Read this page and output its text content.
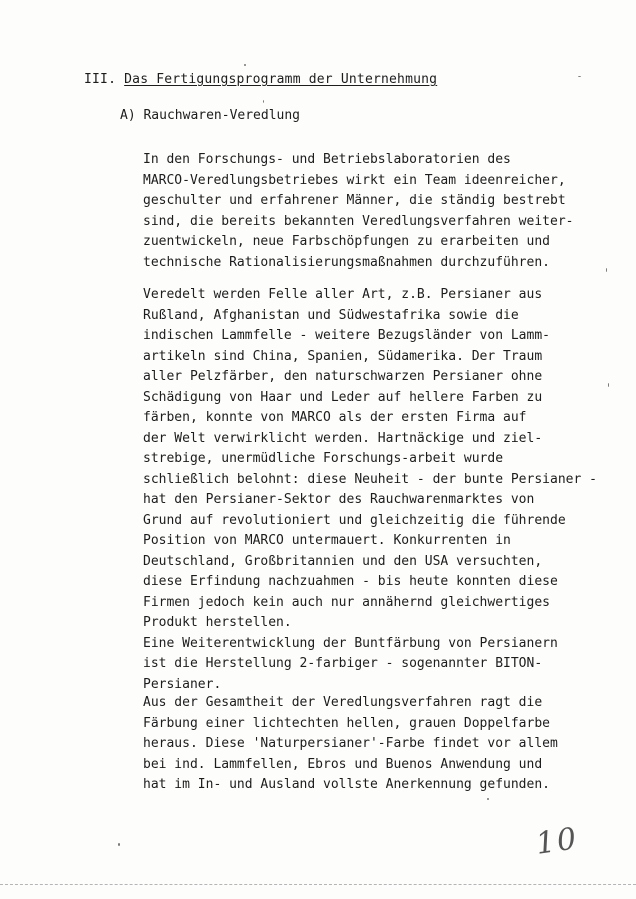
III. Das Fertigungsprogramm der Unternehmung
A) Rauchwaren-Veredlung
In den Forschungs- und Betriebslaboratorien des
MARCO-Veredlungsbetriebes wirkt ein Team ideenreicher,
geschulter und erfahrener Männer, die ständig bestrebt
sind, die bereits bekannten Veredlungsverfahren weiter-
zuentwickeln, neue Farbschöpfungen zu erarbeiten und
technische Rationalisierungsmaßnahmen durchzuführen.
Veredelt werden Felle aller Art, z.B. Persianer aus
Rußland, Afghanistan und Südwestafrika sowie die
indischen Lammfelle - weitere Bezugsländer von Lamm-
artikeln sind China, Spanien, Südamerika. Der Traum
aller Pelzfärber, den naturschwarzen Persianer ohne
Schädigung von Haar und Leder auf hellere Farben zu
färben, konnte von MARCO als der ersten Firma auf
der Welt verwirklicht werden. Hartnäckige und ziel-
strebige, unermüdliche Forschungs-arbeit wurde
schließlich belohnt: diese Neuheit - der bunte Persianer -
hat den Persianer-Sektor des Rauchwarenmarktes von
Grund auf revolutioniert und gleichzeitig die führende
Position von MARCO untermauert. Konkurrenten in
Deutschland, Großbritannien und den USA versuchten,
diese Erfindung nachzuahmen - bis heute konnten diese
Firmen jedoch kein auch nur annähernd gleichwertiges
Produkt herstellen.
Eine Weiterentwicklung der Buntfärbung von Persianern
ist die Herstellung 2-farbiger - sogenannter BITON-
Persianer.
Aus der Gesamtheit der Veredlungsverfahren ragt die
Färbung einer lichtechten hellen, grauen Doppelfarbe
heraus. Diese 'Naturpersianer'-Farbe findet vor allem
bei ind. Lammfellen, Ebros und Buenos Anwendung und
hat im In- und Ausland vollste Anerkennung gefunden.
10
